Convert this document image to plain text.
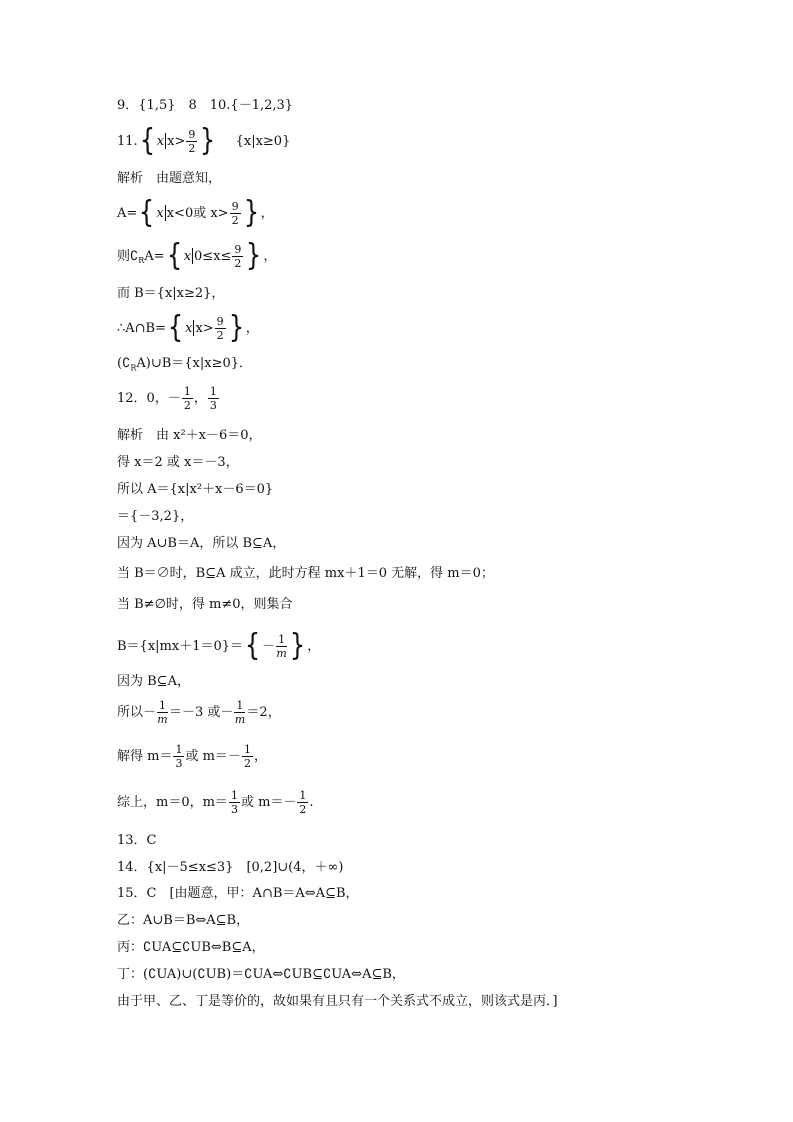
9．{1,5}　8　10.{－1,2,3}
11.{ x $x> \frac{9}{2}$ } {x|x≥0}
解析　由题意知，
A={ x x<0或 $x> \frac{9}{2}$ } ，
则$∁_RA=${ x $0\le x\le \frac{9}{2}$ } ，
而 B＝{x|x≥2}，
∴A∩B={ x $x> \frac{9}{2}$ } ，
$(∁_RA)\cup B=\{x|x\ge 0\}$．
12．0，－ $\frac{1}{2}$ ， $\frac{1}{3}$
解析　由 x²＋x－6＝0，
得 x＝2 或 x＝－3，
所以 A＝{x|x²＋x－6＝0}
＝{－3,2}，
因为 A∪B＝A，所以 B⊆A，
当 B＝∅时，B⊆A 成立，此时方程 mx＋1＝0 无解，得 m＝0；
当 B≠∅时，得 m≠0，则集合
$B=\{x|mx+1=0\}=\{ - \frac{1}{m}$ } ，
因为 B⊆A，
所以－ $\frac{1}{m} =-3$ 或－ $\frac{1}{m} =2$，
解得 $m= \frac{1}{3}$ 或 $m=- \frac{1}{2}$ ，
综上，m＝0，$m= \frac{1}{3}$ 或 $m=- \frac{1}{2}$ .
13．C
14．{x|－5≤x≤3}　[0,2]∪(4，＋∞)
15．C　[由题意，甲：A∩B＝A⇔A⊆B，
乙：A∪B＝B⇔A⊆B，
丙：∁UA⊆∁UB⇔B⊆A，
丁：(∁UA)∪(∁UB)＝∁UA⇔∁UB⊆∁UA⇔A⊆B，
由于甲、乙、丁是等价的，故如果有且只有一个关系式不成立，则该式是丙．]
